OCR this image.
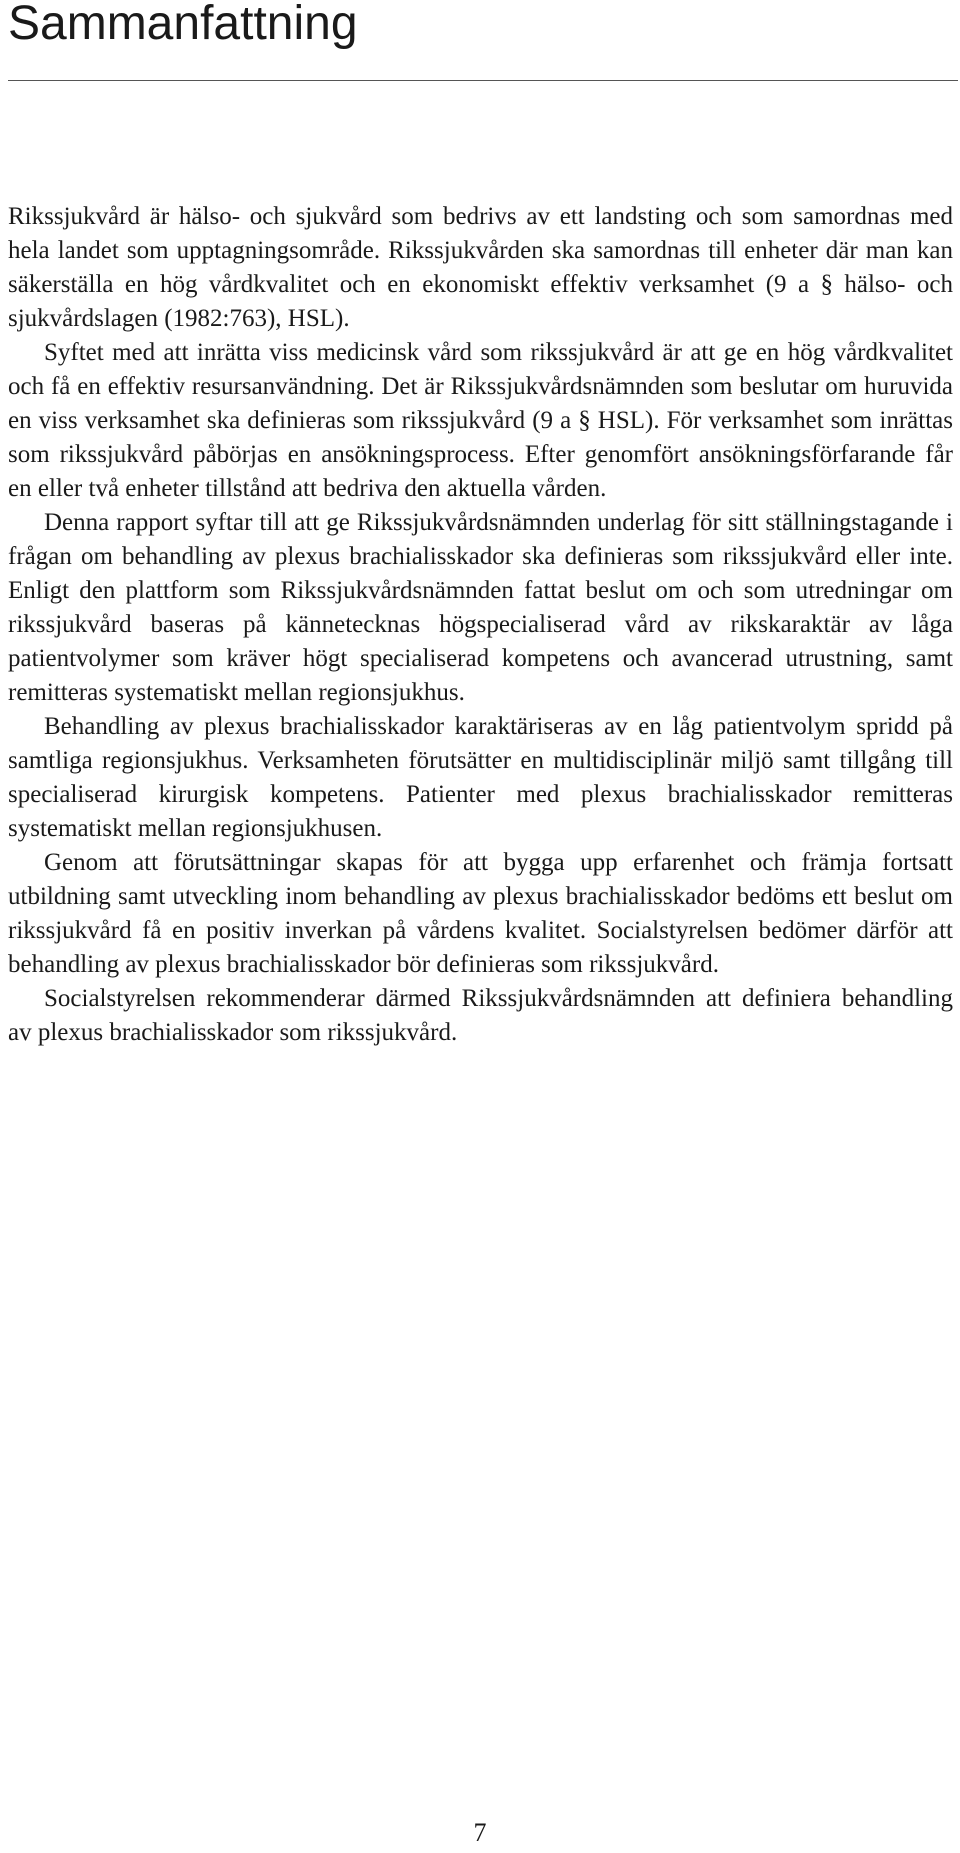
Sammanfattning

Rikssjukvård är hälso- och sjukvård som bedrivs av ett landsting och som samordnas med hela landet som upptagningsområde. Rikssjukvården ska samordnas till enheter där man kan säkerställa en hög vårdkvalitet och en ekonomiskt effektiv verksamhet (9 a § hälso- och sjukvårdslagen (1982:763), HSL).

Syftet med att inrätta viss medicinsk vård som rikssjukvård är att ge en hög vårdkvalitet och få en effektiv resursanvändning. Det är Rikssjukvårdsnämnden som beslutar om huruvida en viss verksamhet ska definieras som rikssjukvård (9 a § HSL). För verksamhet som inrättas som rikssjukvård påbörjas en ansökningsprocess. Efter genomfört ansökningsförfarande får en eller två enheter tillstånd att bedriva den aktuella vården.

Denna rapport syftar till att ge Rikssjukvårdsnämnden underlag för sitt ställningstagande i frågan om behandling av plexus brachialisskador ska definieras som rikssjukvård eller inte. Enligt den plattform som Rikssjukvårdsnämnden fattat beslut om och som utredningar om rikssjukvård baseras på kännetecknas högspecialiserad vård av rikskaraktär av låga patientvolymer som kräver högt specialiserad kompetens och avancerad utrustning, samt remitteras systematiskt mellan regionsjukhus.

Behandling av plexus brachialisskador karaktäriseras av en låg patientvolym spridd på samtliga regionsjukhus. Verksamheten förutsätter en multidisciplinär miljö samt tillgång till specialiserad kirurgisk kompetens. Patienter med plexus brachialisskador remitteras systematiskt mellan regionsjukhusen.

Genom att förutsättningar skapas för att bygga upp erfarenhet och främja fortsatt utbildning samt utveckling inom behandling av plexus brachialisskador bedöms ett beslut om rikssjukvård få en positiv inverkan på vårdens kvalitet. Socialstyrelsen bedömer därför att behandling av plexus brachialisskador bör definieras som rikssjukvård.

Socialstyrelsen rekommenderar därmed Rikssjukvårdsnämnden att definiera behandling av plexus brachialisskador som rikssjukvård.

7
